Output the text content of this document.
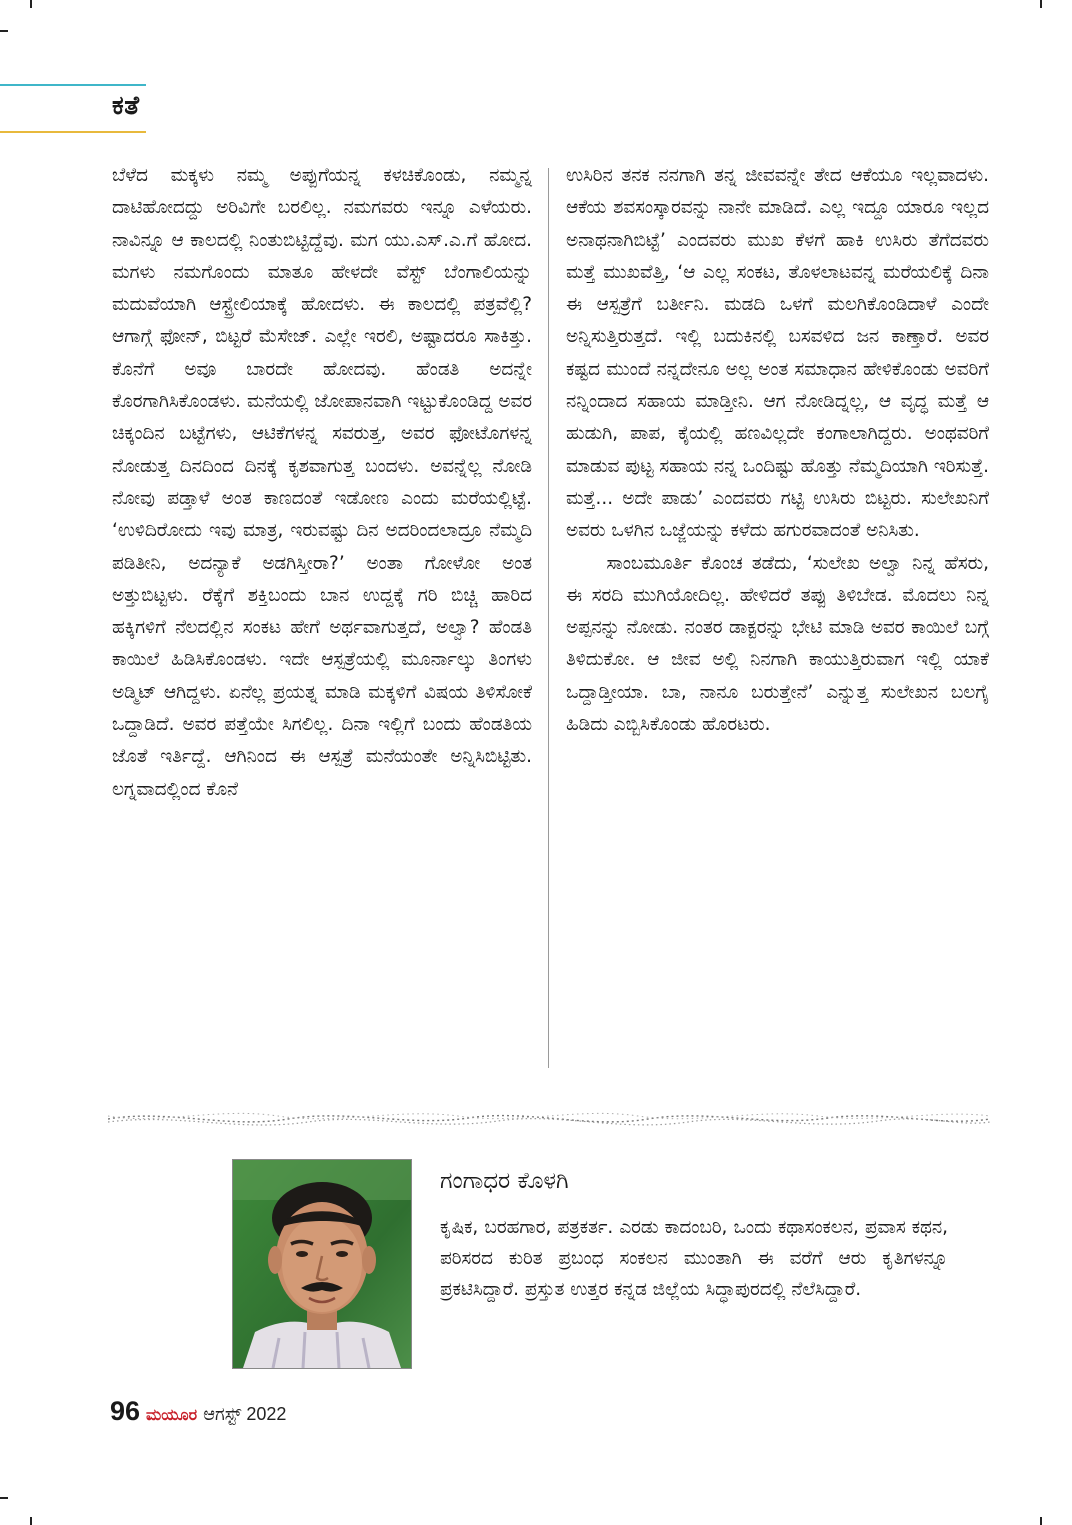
ಕತೆ

ಬೆಳೆದ ಮಕ್ಕಳು ನಮ್ಮ ಅಪ್ಪುಗೆಯನ್ನ ಕಳಚಿಕೊಂಡು, ನಮ್ಮನ್ನ ದಾಟಿಹೋದದ್ದು ಅರಿವಿಗೇ ಬರಲಿಲ್ಲ. ನಮಗವರು ಇನ್ನೂ ಎಳೆಯರು. ನಾವಿನ್ನೂ ಆ ಕಾಲದಲ್ಲಿ ನಿಂತುಬಿಟ್ಟಿದ್ದೆವು. ಮಗ ಯು.ಎಸ್.ಎ.ಗೆ ಹೋದ. ಮಗಳು ನಮಗೊಂದು ಮಾತೂ ಹೇಳದೇ ವೆಸ್ಟ್ ಬೆಂಗಾಲಿಯನ್ನು ಮದುವೆಯಾಗಿ ಆಸ್ಟ್ರೇಲಿಯಾಕ್ಕೆ ಹೋದಳು. ಈ ಕಾಲದಲ್ಲಿ ಪತ್ರವೆಲ್ಲಿ? ಆಗಾಗ್ಗೆ ಫೋನ್, ಬಿಟ್ಟರೆ ಮೆಸೇಜ್. ಎಲ್ಲೇ ಇರಲಿ, ಅಷ್ಟಾದರೂ ಸಾಕಿತ್ತು. ಕೊನೆಗೆ ಅವೂ ಬಾರದೇ ಹೋದವು. ಹೆಂಡತಿ ಅದನ್ನೇ ಕೊರಗಾಗಿಸಿಕೊಂಡಳು. ಮನೆಯಲ್ಲಿ ಜೋಪಾನವಾಗಿ ಇಟ್ಟುಕೊಂಡಿದ್ದ ಅವರ ಚಿಕ್ಕಂದಿನ ಬಟ್ಟೆಗಳು, ಆಟಿಕೆಗಳನ್ನ ಸವರುತ್ತ, ಅವರ ಫೋಟೊಗಳನ್ನ ನೋಡುತ್ತ ದಿನದಿಂದ ದಿನಕ್ಕೆ ಕೃಶವಾಗುತ್ತ ಬಂದಳು. ಅವನ್ನೆಲ್ಲ ನೋಡಿ ನೋವು ಪಡ್ತಾಳೆ ಅಂತ ಕಾಣದಂತೆ ಇಡೋಣ ಎಂದು ಮರೆಯಲ್ಲಿಟ್ಟೆ. ‘ಉಳಿದಿರೋದು ಇವು ಮಾತ್ರ, ಇರುವಷ್ಟು ದಿನ ಅದರಿಂದಲಾದ್ರೂ ನೆಮ್ಮದಿ ಪಡಿತೀನಿ, ಅದನ್ಯಾಕೆ ಅಡಗಿಸ್ತೀರಾ?’ ಅಂತಾ ಗೋಳೋ ಅಂತ ಅತ್ತುಬಿಟ್ಟಳು. ರೆಕ್ಕೆಗೆ ಶಕ್ತಿಬಂದು ಬಾನ ಉದ್ದಕ್ಕೆ ಗರಿ ಬಿಚ್ಚಿ ಹಾರಿದ ಹಕ್ಕಿಗಳಿಗೆ ನೆಲದಲ್ಲಿನ ಸಂಕಟ ಹೇಗೆ ಅರ್ಥವಾಗುತ್ತದೆ, ಅಲ್ವಾ? ಹೆಂಡತಿ ಕಾಯಿಲೆ ಹಿಡಿಸಿಕೊಂಡಳು. ಇದೇ ಆಸ್ಪತ್ರೆಯಲ್ಲಿ ಮೂರ್ನಾಲ್ಕು ತಿಂಗಳು ಅಡ್ಮಿಟ್ ಆಗಿದ್ದಳು. ಏನೆಲ್ಲ ಪ್ರಯತ್ನ ಮಾಡಿ ಮಕ್ಕಳಿಗೆ ವಿಷಯ ತಿಳಿಸೋಕೆ ಒದ್ದಾಡಿದೆ. ಅವರ ಪತ್ತೆಯೇ ಸಿಗಲಿಲ್ಲ. ದಿನಾ ಇಲ್ಲಿಗೆ ಬಂದು ಹೆಂಡತಿಯ ಜೊತೆ ಇರ್ತಿದ್ದೆ. ಆಗಿನಿಂದ ಈ ಆಸ್ಪತ್ರೆ ಮನೆಯಂತೇ ಅನ್ನಿಸಿಬಿಟ್ಟಿತು. ಲಗ್ನವಾದಲ್ಲಿಂದ ಕೊನೆ

ಉಸಿರಿನ ತನಕ ನನಗಾಗಿ ತನ್ನ ಜೀವವನ್ನೇ ತೇದ ಆಕೆಯೂ ಇಲ್ಲವಾದಳು. ಆಕೆಯ ಶವಸಂಸ್ಕಾರವನ್ನು ನಾನೇ ಮಾಡಿದೆ. ಎಲ್ಲ ಇದ್ದೂ ಯಾರೂ ಇಲ್ಲದ ಅನಾಥನಾಗಿಬಿಟ್ಟೆ’ ಎಂದವರು ಮುಖ ಕೆಳಗೆ ಹಾಕಿ ಉಸಿರು ತೆಗೆದವರು ಮತ್ತೆ ಮುಖವೆತ್ತಿ, ‘ಆ ಎಲ್ಲ ಸಂಕಟ, ತೊಳಲಾಟವನ್ನ ಮರೆಯಲಿಕ್ಕೆ ದಿನಾ ಈ ಆಸ್ಪತ್ರೆಗೆ ಬರ್ತೀನಿ. ಮಡದಿ ಒಳಗೆ ಮಲಗಿಕೊಂಡಿದಾಳೆ ಎಂದೇ ಅನ್ನಿಸುತ್ತಿರುತ್ತದೆ. ಇಲ್ಲಿ ಬದುಕಿನಲ್ಲಿ ಬಸವಳಿದ ಜನ ಕಾಣ್ತಾರೆ. ಅವರ ಕಷ್ಟದ ಮುಂದೆ ನನ್ನದೇನೂ ಅಲ್ಲ ಅಂತ ಸಮಾಧಾನ ಹೇಳಿಕೊಂಡು ಅವರಿಗೆ ನನ್ನಿಂದಾದ ಸಹಾಯ ಮಾಡ್ತೀನಿ. ಆಗ ನೋಡಿದ್ನಲ್ಲ, ಆ ವೃದ್ಧ ಮತ್ತೆ ಆ ಹುಡುಗಿ, ಪಾಪ, ಕೈಯಲ್ಲಿ ಹಣವಿಲ್ಲದೇ ಕಂಗಾಲಾಗಿದ್ದರು. ಅಂಥವರಿಗೆ ಮಾಡುವ ಪುಟ್ಟ ಸಹಾಯ ನನ್ನ ಒಂದಿಷ್ಟು ಹೊತ್ತು ನೆಮ್ಮದಿಯಾಗಿ ಇರಿಸುತ್ತೆ. ಮತ್ತೆ... ಅದೇ ಪಾಡು’ ಎಂದವರು ಗಟ್ಟಿ ಉಸಿರು ಬಿಟ್ಟರು. ಸುಲೇಖನಿಗೆ ಅವರು ಒಳಗಿನ ಒಜ್ಜೆಯನ್ನು ಕಳೆದು ಹಗುರವಾದಂತೆ ಅನಿಸಿತು.

ಸಾಂಬಮೂರ್ತಿ ಕೊಂಚ ತಡೆದು, ‘ಸುಲೇಖ ಅಲ್ವಾ ನಿನ್ನ ಹೆಸರು, ಈ ಸರದಿ ಮುಗಿಯೋದಿಲ್ಲ. ಹೇಳಿದರೆ ತಪ್ಪು ತಿಳಿಬೇಡ. ಮೊದಲು ನಿನ್ನ ಅಪ್ಪನನ್ನು ನೋಡು. ನಂತರ ಡಾಕ್ಟರನ್ನು ಭೇಟಿ ಮಾಡಿ ಅವರ ಕಾಯಿಲೆ ಬಗ್ಗೆ ತಿಳಿದುಕೋ. ಆ ಜೀವ ಅಲ್ಲಿ ನಿನಗಾಗಿ ಕಾಯುತ್ತಿರುವಾಗ ಇಲ್ಲಿ ಯಾಕೆ ಒದ್ದಾಡ್ತೀಯಾ. ಬಾ, ನಾನೂ ಬರುತ್ತೇನೆ’ ಎನ್ನುತ್ತ ಸುಲೇಖನ ಬಲಗೈ ಹಿಡಿದು ಎಬ್ಬಿಸಿಕೊಂಡು ಹೊರಟರು.

ಗಂಗಾಧರ ಕೊಳಗಿ
ಕೃಷಿಕ, ಬರಹಗಾರ, ಪತ್ರಕರ್ತ. ಎರಡು ಕಾದಂಬರಿ, ಒಂದು ಕಥಾಸಂಕಲನ, ಪ್ರವಾಸ ಕಥನ, ಪರಿಸರದ ಕುರಿತ ಪ್ರಬಂಧ ಸಂಕಲನ ಮುಂತಾಗಿ ಈ ವರೆಗೆ ಆರು ಕೃತಿಗಳನ್ನೂ ಪ್ರಕಟಿಸಿದ್ದಾರೆ. ಪ್ರಸ್ತುತ ಉತ್ತರ ಕನ್ನಡ ಜಿಲ್ಲೆಯ ಸಿದ್ಧಾಪುರದಲ್ಲಿ ನೆಲೆಸಿದ್ದಾರೆ.
96 ಮಯೂರ ಆಗಸ್ಟ್ 2022
